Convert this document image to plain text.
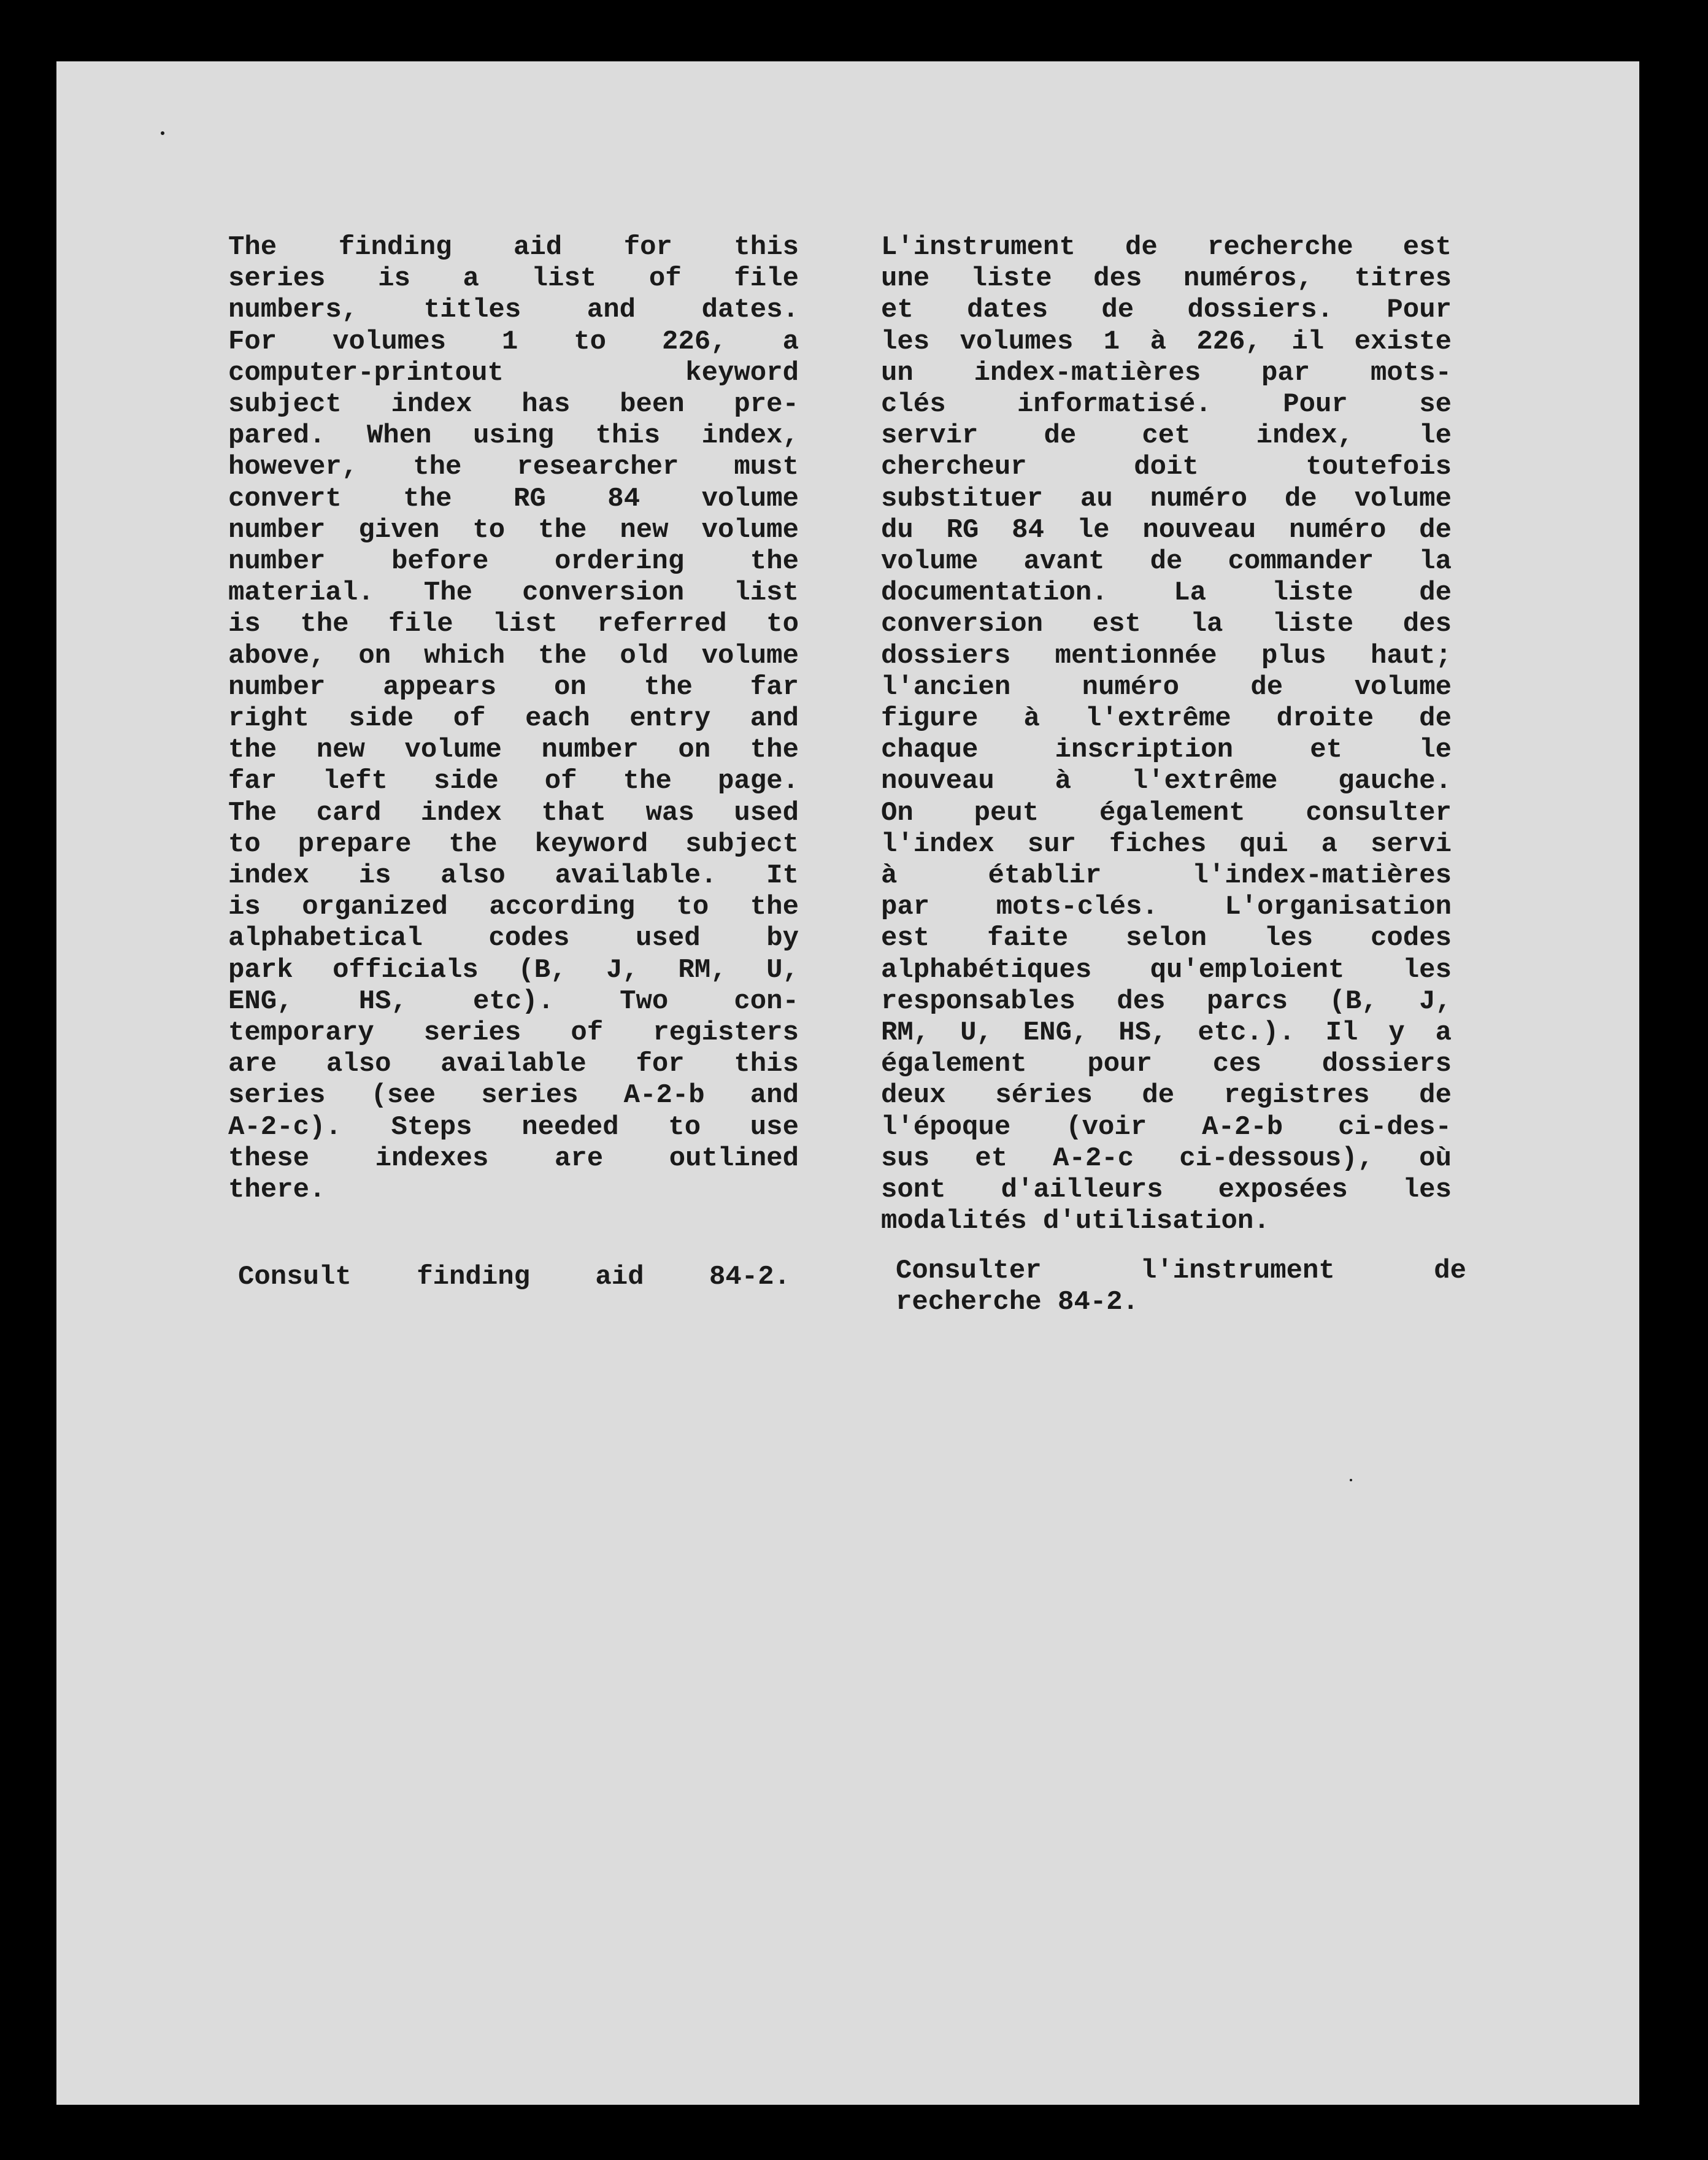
The finding aid for this
series is a list of file
numbers, titles and dates.
For volumes 1 to 226, a
computer-printout keyword
subject index has been pre-
pared. When using this index,
however, the researcher must
convert the RG 84 volume
number given to the new volume
number before ordering the
material. The conversion list
is the file list referred to
above, on which the old volume
number appears on the far
right side of each entry and
the new volume number on the
far left side of the page.
The card index that was used
to prepare the keyword subject
index is also available. It
is organized according to the
alphabetical codes used by
park officials (B, J, RM, U,
ENG, HS, etc). Two con-
temporary series of registers
are also available for this
series (see series A-2-b and
A-2-c). Steps needed to use
these indexes are outlined
there.
L'instrument de recherche est
une liste des numéros, titres
et dates de dossiers. Pour
les volumes 1 à 226, il existe
un index-matières par mots-
clés informatisé. Pour se
servir de cet index, le
chercheur doit toutefois
substituer au numéro de volume
du RG 84 le nouveau numéro de
volume avant de commander la
documentation. La liste de
conversion est la liste des
dossiers mentionnée plus haut;
l'ancien numéro de volume
figure à l'extrême droite de
chaque inscription et le
nouveau à l'extrême gauche.
On peut également consulter
l'index sur fiches qui a servi
à établir l'index-matières
par mots-clés. L'organisation
est faite selon les codes
alphabétiques qu'emploient les
responsables des parcs (B, J,
RM, U, ENG, HS, etc.). Il y a
également pour ces dossiers
deux séries de registres de
l'époque (voir A-2-b ci-des-
sus et A-2-c ci-dessous), où
sont d'ailleurs exposées les
modalités d'utilisation.
Consult finding aid 84-2.	Consulter l'instrument de
recherche 84-2.
